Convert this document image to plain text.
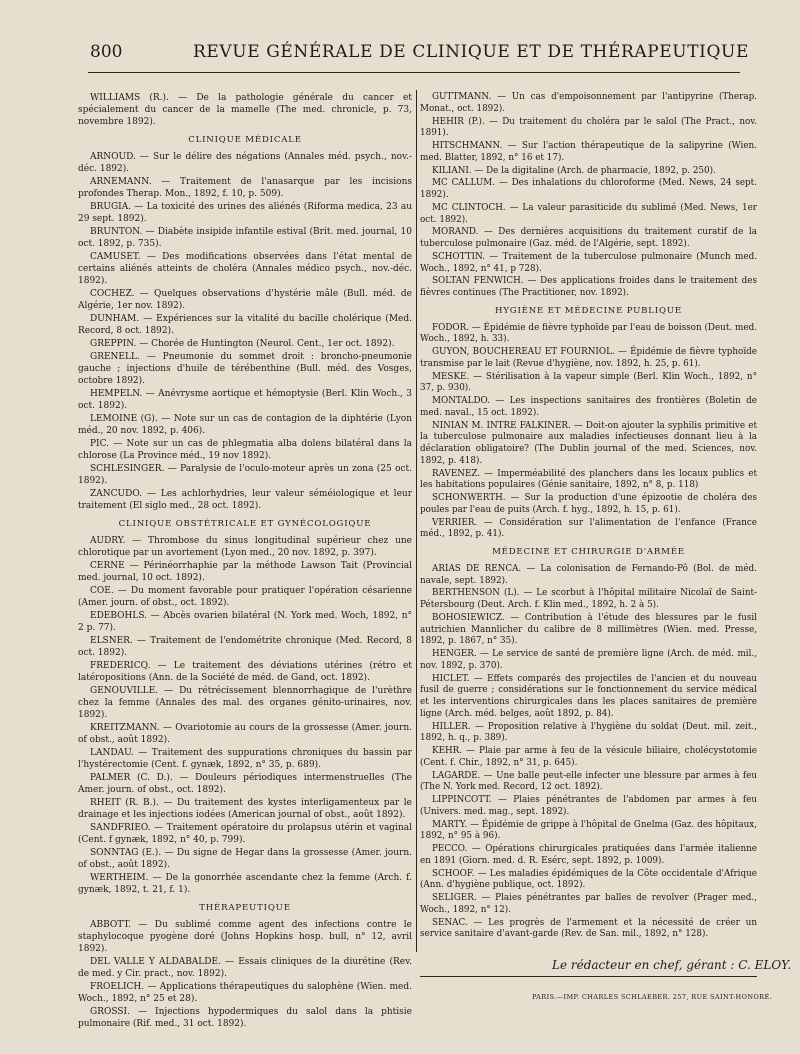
800	REVUE GÉNÉRALE DE CLINIQUE ET DE THÉRAPEUTIQUE
WILLIAMS (R.). — De la pathologie générale du cancer et spécialement du cancer de la mamelle (The med. chronicle, p. 73, novembre 1892).
CLINIQUE MÉDICALE
ARNOUD. — Sur le délire des négations (Annales méd. psych., nov.-déc. 1892).
ARNEMANN. — Traitement de l'anasarque par les incisions profondes Therap. Mon., 1892, f. 10, p. 509).
BRUGIA. — La toxicité des urines des aliénés (Riforma medica, 23 au 29 sept. 1892).
BRUNTON. — Diabète insipide infantile estival (Brit. med. journal, 10 oct. 1892, p. 735).
CAMUSET. — Des modifications observées dans l'état mental de certains aliénés atteints de choléra (Annales médico psych., nov.-déc. 1892).
COCHEZ. — Quelques observations d'hystérie mâle (Bull. méd. de Algérie, 1er nov. 1892).
DUNHAM. — Expériences sur la vitalité du bacille cholérique (Med. Record, 8 oct. 1892).
GREPPIN. — Chorée de Huntington (Neurol. Cent., 1er oct. 1892).
GRENELL. — Pneumonie du sommet droit : broncho-pneumonie gauche ; injections d'huile de térébenthine (Bull. méd. des Vosges, octobre 1892).
HEMPELN. — Anévrysme aortique et hémoptysie (Berl. Klin Woch., 3 oct. 1892).
LEMOINE (G). — Note sur un cas de contagion de la diphtérie (Lyon méd., 20 nov. 1892, p. 406).
PIC. — Note sur un cas de phlegmatia alba dolens bilatéral dans la chlorose (La Province méd., 19 nov 1892).
SCHLESINGER. — Paralysie de l'oculo-moteur après un zona (25 oct. 1892).
ZANCUDO. — Les achlorhydries, leur valeur séméiologique et leur traitement (El siglo med., 28 oct. 1892).
CLINIQUE OBSTÉTRICALE ET GYNÉCOLOGIQUE
AUDRY. — Thrombose du sinus longitudinal supérieur chez une chlorotique par un avortement (Lyon med., 20 nov. 1892, p. 397).
CERNE — Périnéorrhaphie par la méthode Lawson Tait (Provincial med. journal, 10 oct. 1892).
COE. — Du moment favorable pour pratiquer l'opération césarienne (Amer. journ. of obst., oct. 1892).
EDEBOHLS. — Abcès ovarien bilatéral (N. York med. Woch, 1892, n° 2 p. 77).
ELSNER. — Traitement de l'endométrite chronique (Med. Record, 8 oct. 1892).
FREDERICQ. — Le traitement des déviations utérines (rétro et latéropositions (Ann. de la Société de méd. de Gand, oct. 1892).
GENOUVILLE. — Du rétrécissement blennorrhagique de l'urèthre chez la femme (Annales des mal. des organes génito-urinaires, nov. 1892).
KREITZMANN. — Ovariotomie au cours de la grossesse (Amer. journ. of obst., août 1892).
LANDAU. — Traitement des suppurations chroniques du bassin par l'hystérectomie (Cent. f. gynæk, 1892, n° 35, p. 689).
PALMER (C. D.). — Douleurs périodiques intermenstruelles (The Amer. journ. of obst., oct. 1892).
RHEIT (R. B.). — Du traitement des kystes interligamenteux par le drainage et les injections iodées (American journal of obst., août 1892).
SANDFRIEO. — Traitement opératoire du prolapsus utérin et vaginal (Cent. f gynæk, 1892, n° 40, p. 799).
SONNTAG (E.). — Du signe de Hegar dans la grossesse (Amer. journ. of obst., août 1892).
WERTHEIM. — De la gonorrhée ascendante chez la femme (Arch. f. gynæk, 1892, t. 21, f. 1).
THÉRAPEUTIQUE
ABBOTT. — Du sublimé comme agent des infections contre le staphylocoque pyogène doré (Johns Hopkins hosp. bull, n° 12, avril 1892).
DEL VALLE Y ALDABALDE. — Essais cliniques de la diurétine (Rev. de med. y Cir. pract., nov. 1892).
FROELICH. — Applications thérapeutiques du salophène (Wien. med. Woch., 1892, n° 25 et 28).
GROSSI. — Injections hypodermiques du salol dans la phtisie pulmonaire (Rif. med., 31 oct. 1892).
GUTTMANN. — Un cas d'empoisonnement par l'antipyrine (Therap. Monat., oct. 1892).
HEHIR (P.). — Du traitement du choléra par le salol (The Pract., nov. 1891).
HITSCHMANN. — Sur l'action thérapeutique de la salipyrine (Wien. med. Blatter, 1892, n° 16 et 17).
KILIANI. — De la digitaline (Arch. de pharmacie, 1892, p. 250).
MC CALLUM. — Des inhalations du chloroforme (Med. News, 24 sept. 1892).
MC CLINTOCH. — La valeur parasiticide du sublimé (Med. News, 1er oct. 1892).
MORAND. — Des dernières acquisitions du traitement curatif de la tuberculose pulmonaire (Gaz. méd. de l'Algérie, sept. 1892).
SCHOTTIN. — Traitement de la tuberculose pulmonaire (Munch med. Woch., 1892, n° 41, p 728).
SOLTAN FENWICH. — Des applications froides dans le traitement des fièvres continues (The Practitioner, nov. 1892).
HYGIÈNE ET MÉDECINE PUBLIQUE
FODOR. — Épidémie de fièvre typhoïde par l'eau de boisson (Deut. med. Woch., 1892, h. 33).
GUYON, BOUCHEREAU ET FOURNIOL. — Épidémie de fièvre typhoïde transmise par le lait (Revue d'hygiène, nov. 1892, h. 25, p. 61).
MESKE. — Stérilisation à la vapeur simple (Berl. Klin Woch., 1892, n° 37, p. 930).
MONTALDO. — Les inspections sanitaires des frontières (Boletin de med. naval., 15 oct. 1892).
NINIAN M. INTRE FALKINER. — Doit-on ajouter la syphilis primitive et la tuberculose pulmonaire aux maladies infectieuses donnant lieu à la déclaration obligatoire? (The Dublin journal of the med. Sciences, nov. 1892, p. 418).
RAVENEZ. — Imperméabilité des planchers dans les locaux publics et les habitations populaires (Génie sanitaire, 1892, n° 8, p. 118)
SCHONWERTH. — Sur la production d'une épizootie de choléra des poules par l'eau de puits (Arch. f. hyg., 1892, h. 15, p. 61).
VERRIER. — Considération sur l'alimentation de l'enfance (France méd., 1892, p. 41).
MÉDECINE ET CHIRURGIE D'ARMÉE
ARIAS DE RENCA. — La colonisation de Fernando-Pô (Bol. de méd. navale, sept. 1892).
BERTHENSON (L). — Le scorbut à l'hôpital militaire Nicolaï de Saint-Pétersbourg (Deut. Arch. f. Klin med., 1892, h. 2 à 5).
BOHOSIEWICZ. — Contribution à l'étude des blessures par le fusil autrichien Mannlicher du calibre de 8 millimètres (Wien. med. Presse, 1892, p. 1867, n° 35).
HENGER. — Le service de santé de première ligne (Arch. de méd. mil., nov. 1892, p. 370).
HICLET. — Effets comparés des projectiles de l'ancien et du nouveau fusil de guerre ; considérations sur le fonctionnement du service médical et les interventions chirurgicales dans les places sanitaires de première ligne (Arch. méd. belges, août 1892, p. 84).
HILLER. — Proposition relative à l'hygiène du soldat (Deut. mil. zeit., 1892, h. q., p. 389).
KEHR. — Plaie par arme à feu de la vésicule biliaire, cholécystotomie (Cent. f. Chir., 1892, n° 31, p. 645).
LAGARDE. — Une balle peut-elle infecter une blessure par armes à feu (The N. York med. Record, 12 oct. 1892).
LIPPINCOTT. — Plaies pénétrantes de l'abdomen par armes à feu (Univers. med. mag., sept. 1892).
MARTY. — Épidémie de grippe à l'hôpital de Gnelma (Gaz. des hôpitaux, 1892, n° 95 à 96).
PECCO. — Opérations chirurgicales pratiquées dans l'armée italienne en 1891 (Giorn. med. d. R. Esérc, sept. 1892, p. 1009).
SCHOOF. — Les maladies épidémiques de la Côte occidentale d'Afrique (Ann. d'hygiène publique, oct. 1892).
SELIGER. — Plaies pénétrantes par balles de revolver (Prager med., Woch., 1892, n° 12).
SENAC. — Les progrès de l'armement et la nécessité de créer un service sanitaire d'avant-garde (Rev. de San. mil., 1892, n° 128).
Le rédacteur en chef, gérant : C. ELOY.
PARIS.—IMP. CHARLES SCHLAEBER. 257, RUE SAINT-HONORÉ.
